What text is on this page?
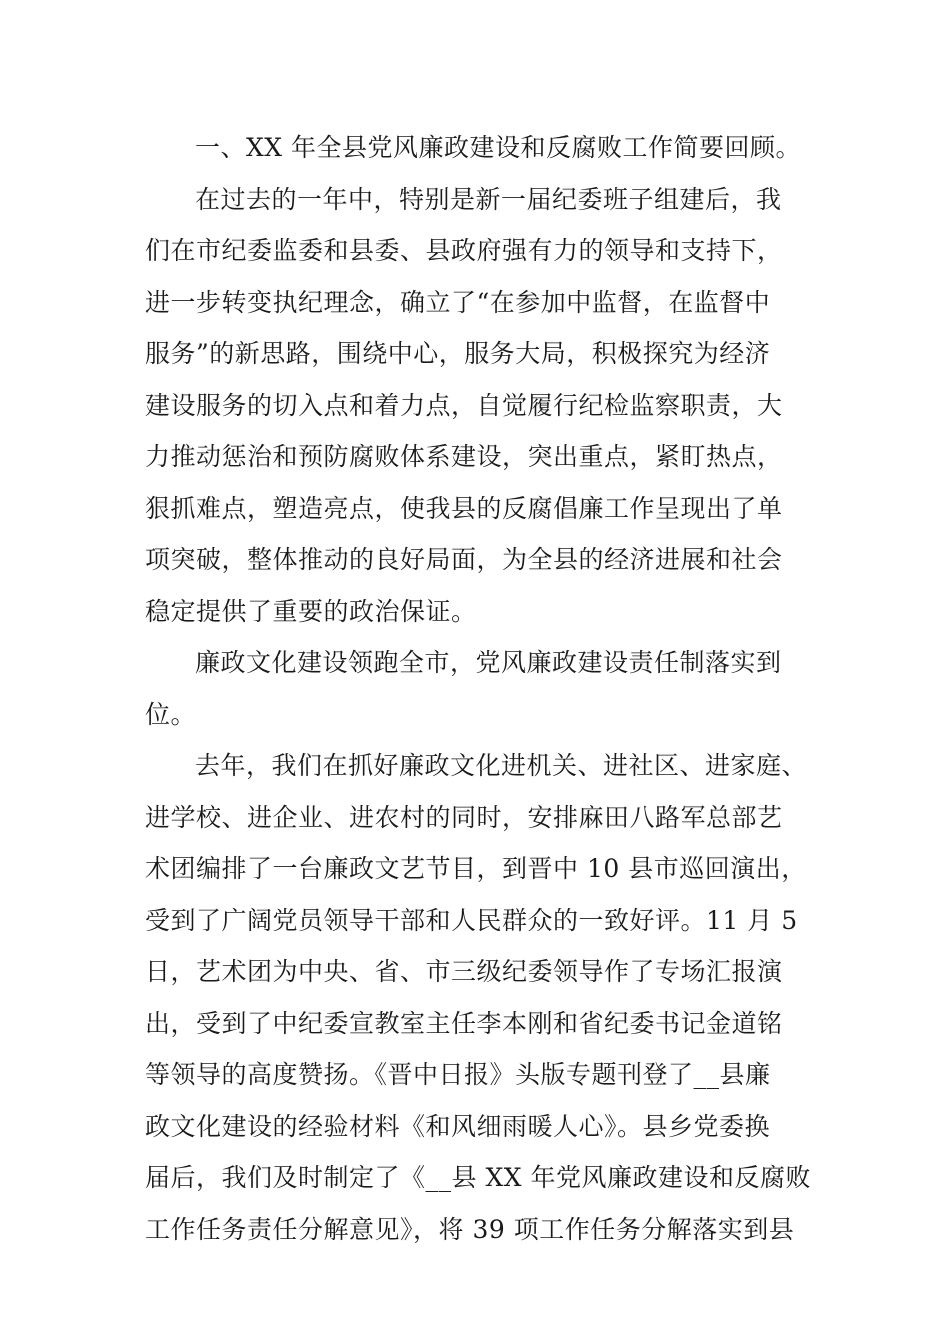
一、XX 年全县党风廉政建设和反腐败工作简要回顾。
在过去的一年中，特别是新一届纪委班子组建后，我
们在市纪委监委和县委、县政府强有力的领导和支持下，
进一步转变执纪理念，确立了“在参加中监督，在监督中
服务”的新思路，围绕中心，服务大局，积极探究为经济
建设服务的切入点和着力点，自觉履行纪检监察职责，大
力推动惩治和预防腐败体系建设，突出重点，紧盯热点，
狠抓难点，塑造亮点，使我县的反腐倡廉工作呈现出了单
项突破，整体推动的良好局面，为全县的经济进展和社会
稳定提供了重要的政治保证。
廉政文化建设领跑全市，党风廉政建设责任制落实到
位。
去年，我们在抓好廉政文化进机关、进社区、进家庭、
进学校、进企业、进农村的同时，安排麻田八路军总部艺
术团编排了一台廉政文艺节目，到晋中 10 县市巡回演出，
受到了广阔党员领导干部和人民群众的一致好评。11 月 5
日，艺术团为中央、省、市三级纪委领导作了专场汇报演
出，受到了中纪委宣教室主任李本刚和省纪委书记金道铭
等领导的高度赞扬。《晋中日报》头版专题刊登了__县廉
政文化建设的经验材料《和风细雨暖人心》。县乡党委换
届后，我们及时制定了《__县 XX 年党风廉政建设和反腐败
工作任务责任分解意见》，将 39 项工作任务分解落实到县
